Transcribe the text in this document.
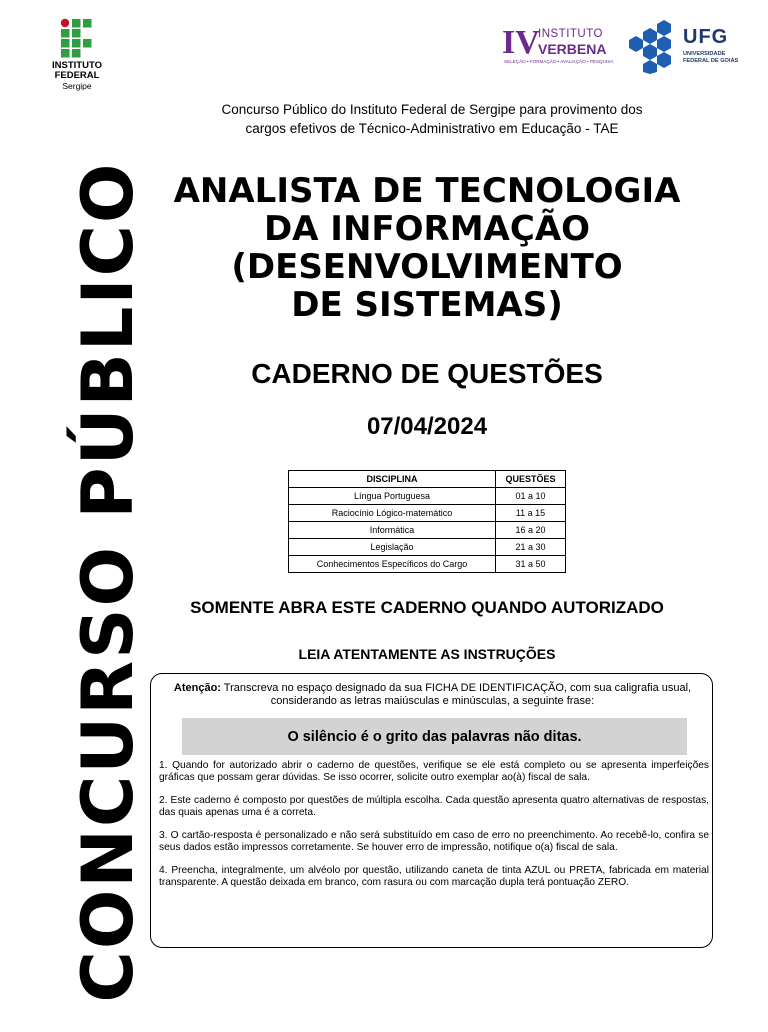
INSTITUTO
FEDERAL
Sergipe
IV
INSTITUTO
VERBENA
SELEÇÃO • FORMAÇÃO • AVALIAÇÃO • PESQUISA
UFG
UNIVERSIDADE
FEDERAL DE GOIÁS
CONCURSO PÚBLICO
Concurso Público do Instituto Federal de Sergipe para provimento dos
cargos efetivos de Técnico-Administrativo em Educação - TAE
ANALISTA DE TECNOLOGIA
DA INFORMAÇÃO
(DESENVOLVIMENTO
DE SISTEMAS)
CADERNO DE QUESTÕES
07/04/2024
DISCIPLINA	QUESTÕES
Língua Portuguesa	01 a 10
Raciocínio Lógico-matemático	11 a 15
Informática	16 a 20
Legislação	21 a 30
Conhecimentos Específicos do Cargo	31 a 50
SOMENTE ABRA ESTE CADERNO QUANDO AUTORIZADO
LEIA ATENTAMENTE AS INSTRUÇÕES
Atenção: Transcreva no espaço designado da sua FICHA DE IDENTIFICAÇÃO, com sua caligrafia usual, considerando as letras maiúsculas e minúsculas, a seguinte frase:
O silêncio é o grito das palavras não ditas.

1. Quando for autorizado abrir o caderno de questões, verifique se ele está completo ou se apresenta imperfeições gráficas que possam gerar dúvidas. Se isso ocorrer, solicite outro exemplar ao(à) fiscal de sala.

2. Este caderno é composto por questões de múltipla escolha. Cada questão apresenta quatro alternativas de respostas, das quais apenas uma é a correta.

3. O cartão-resposta é personalizado e não será substituído em caso de erro no preenchimento. Ao recebê-lo, confira se seus dados estão impressos corretamente. Se houver erro de impressão, notifique o(a) fiscal de sala.

4. Preencha, integralmente, um alvéolo por questão, utilizando caneta de tinta AZUL ou PRETA, fabricada em material transparente. A questão deixada em branco, com rasura ou com marcação dupla terá pontuação ZERO.
